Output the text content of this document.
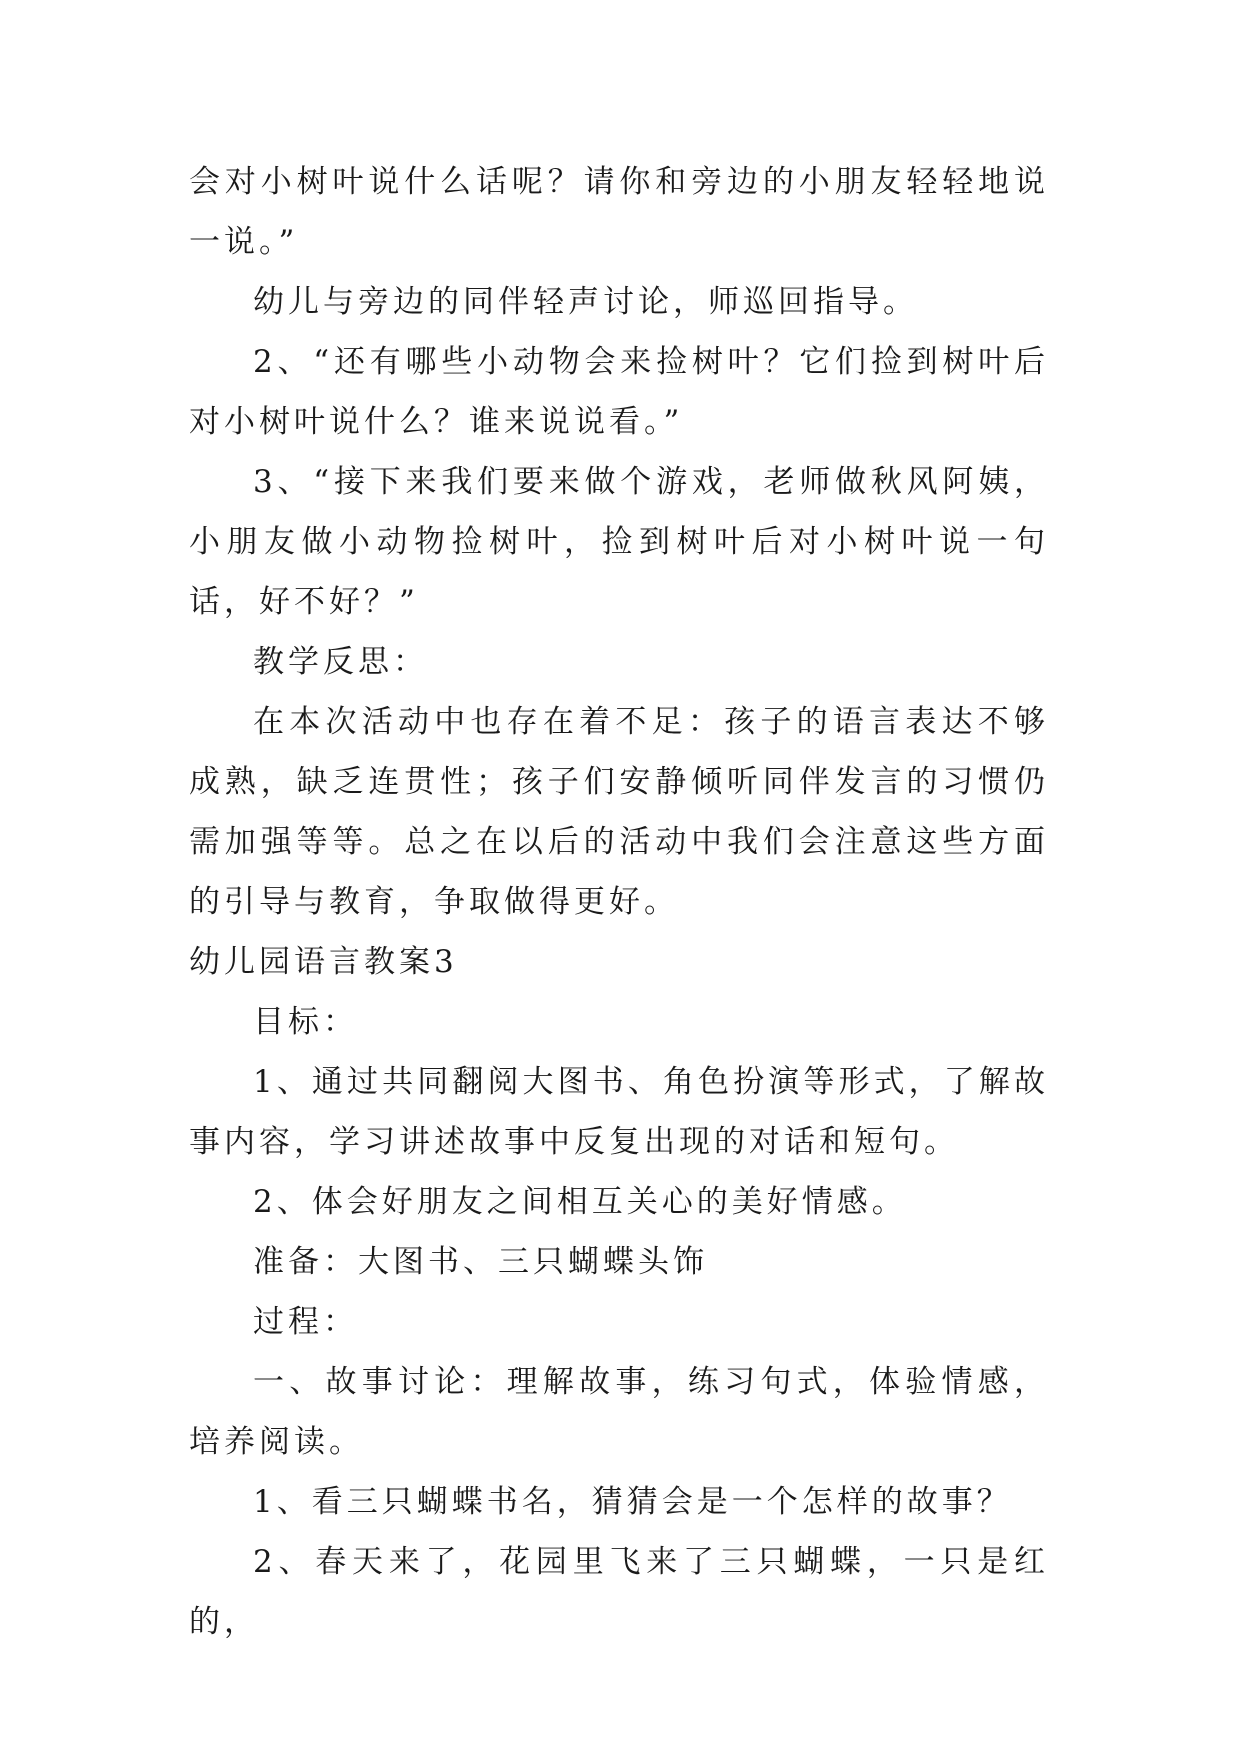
会对小树叶说什么话呢？请你和旁边的小朋友轻轻地说一说。”

幼儿与旁边的同伴轻声讨论，师巡回指导。

2、“还有哪些小动物会来捡树叶？它们捡到树叶后对小树叶说什么？谁来说说看。”

3、“接下来我们要来做个游戏，老师做秋风阿姨，小朋友做小动物捡树叶，捡到树叶后对小树叶说一句话，好不好？”

教学反思：

在本次活动中也存在着不足：孩子的语言表达不够成熟，缺乏连贯性；孩子们安静倾听同伴发言的习惯仍需加强等等。总之在以后的活动中我们会注意这些方面的引导与教育，争取做得更好。

幼儿园语言教案3

目标：

1、通过共同翻阅大图书、角色扮演等形式，了解故事内容，学习讲述故事中反复出现的对话和短句。

2、体会好朋友之间相互关心的美好情感。

准备：大图书、三只蝴蝶头饰

过程：

一、故事讨论：理解故事，练习句式，体验情感，培养阅读。

1、看三只蝴蝶书名，猜猜会是一个怎样的故事？

2、春天来了，花园里飞来了三只蝴蝶，一只是红的，
